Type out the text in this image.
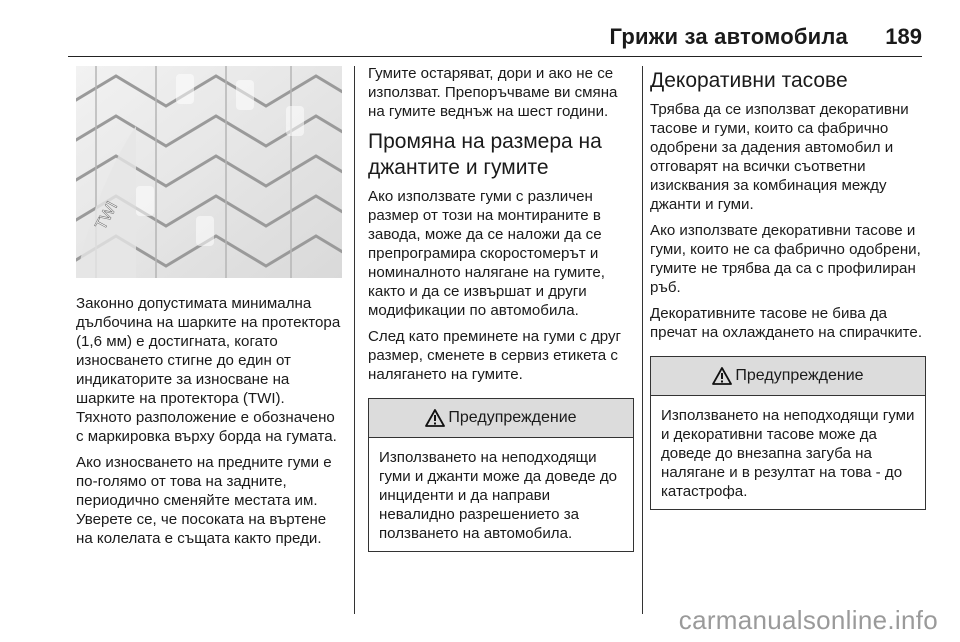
Грижи за автомобила 189
TWI

Законно допустимата минимална дълбочина на шарките на протектора (1,6 мм) е достигната, когато износването стигне до един от индикаторите за износване на шарките на протектора (TWI). Тяхното разположение е обозначено с маркировка върху борда на гумата.

Ако износването на предните гуми е по-голямо от това на задните, периодично сменяйте местата им. Уверете се, че посоката на въртене на колелата е същата както преди.

Гумите остаряват, дори и ако не се използват. Препоръчваме ви смяна на гумите веднъж на шест години.

Промяна на размера на джантите и гумите

Ако използвате гуми с различен размер от този на монтираните в завода, може да се наложи да се препрограмира скоростомерът и номиналното налягане на гумите, както и да се извършат и други модификации по автомобила.

След като преминете на гуми с друг размер, сменете в сервиз етикета с налягането на гумите.

Предупреждение

Използването на неподходящи гуми и джанти може да доведе до инциденти и да направи невалидно разрешението за ползването на автомобила.

Декоративни тасове

Трябва да се използват декоративни тасове и гуми, които са фабрично одобрени за дадения автомобил и отговарят на всички съответни изисквания за комбинация между джанти и гуми.

Ако използвате декоративни тасове и гуми, които не са фабрично одобрени, гумите не трябва да са с профилиран ръб.

Декоративните тасове не бива да пречат на охлаждането на спирачките.

Предупреждение

Използването на неподходящи гуми и декоративни тасове може да доведе до внезапна загуба на налягане и в резултат на това - до катастрофа.

carmanualsonline.info
